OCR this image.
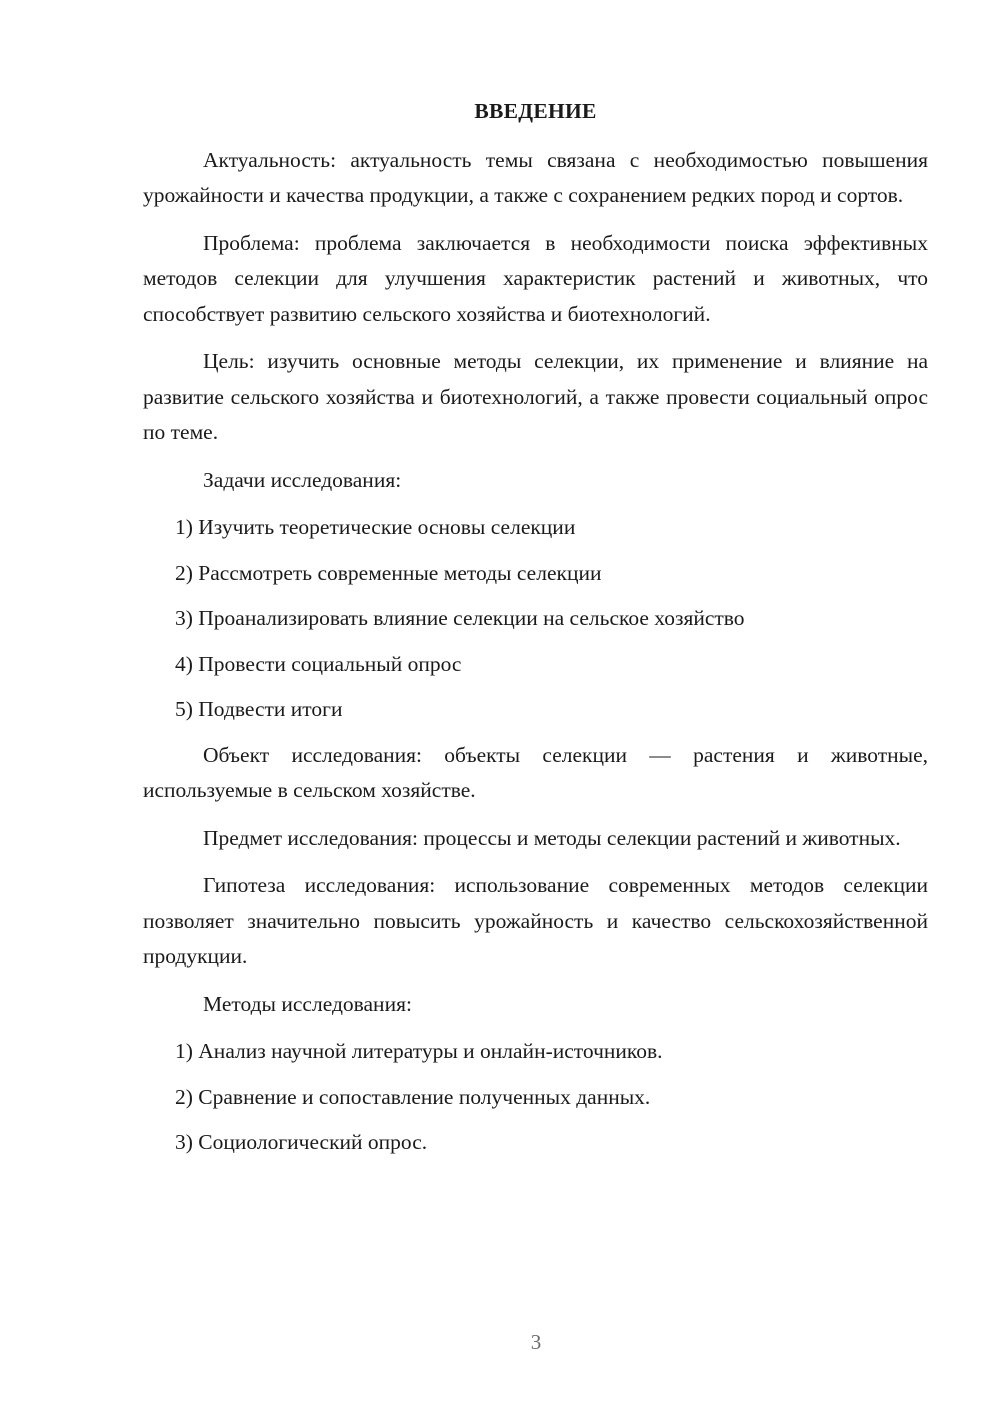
ВВЕДЕНИЕ

Актуальность: актуальность темы связана с необходимостью повышения урожайности и качества продукции, а также с сохранением редких пород и сортов.

Проблема: проблема заключается в необходимости поиска эффективных методов селекции для улучшения характеристик растений и животных, что способствует развитию сельского хозяйства и биотехнологий.

Цель: изучить основные методы селекции, их применение и влияние на развитие сельского хозяйства и биотехнологий, а также провести социальный опрос по теме.

Задачи исследования:

1) Изучить теоретические основы селекции
2) Рассмотреть современные методы селекции
3) Проанализировать влияние селекции на сельское хозяйство
4) Провести социальный опрос
5) Подвести итоги

Объект исследования: объекты селекции — растения и животные, используемые в сельском хозяйстве.

Предмет исследования: процессы и методы селекции растений и животных.

Гипотеза исследования: использование современных методов селекции позволяет значительно повысить урожайность и качество сельскохозяйственной продукции.

Методы исследования:

1) Анализ научной литературы и онлайн-источников.
2) Сравнение и сопоставление полученных данных.
3) Социологический опрос.
3
